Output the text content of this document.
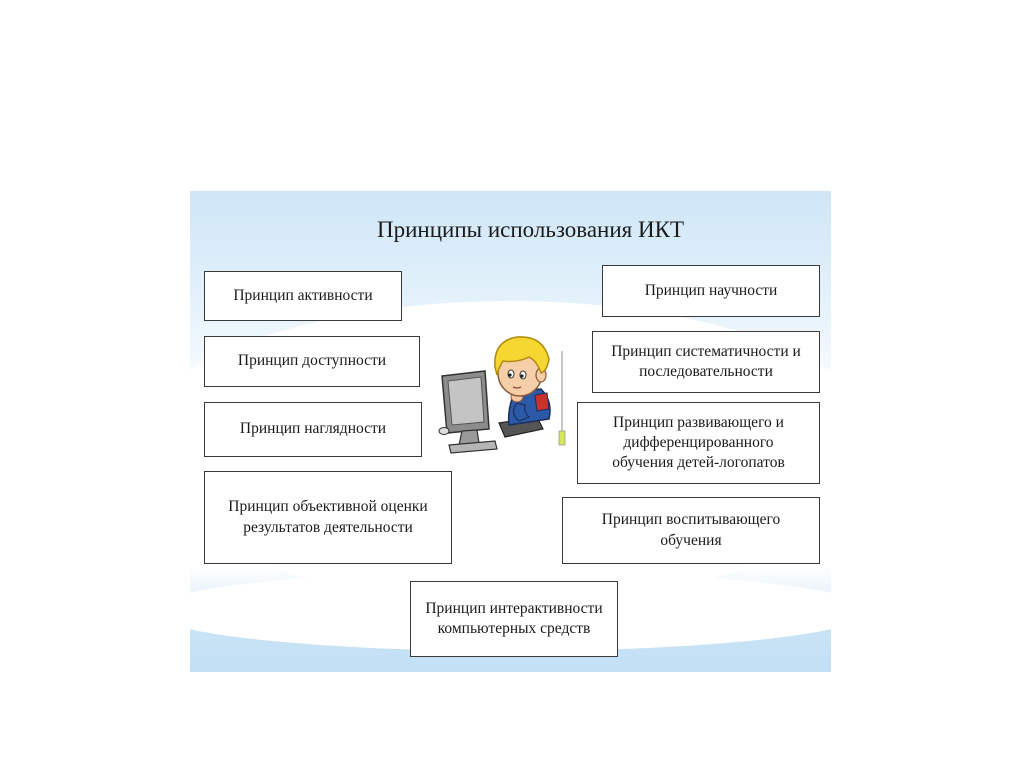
Принципы использования ИКТ
Принцип активности
Принцип доступности
Принцип наглядности
Принцип объективной оценки результатов деятельности
Принцип научности
Принцип систематичности и последовательности
Принцип развивающего и дифференцированного обучения детей-логопатов
Принцип воспитывающего обучения
Принцип интерактивности компьютерных средств
